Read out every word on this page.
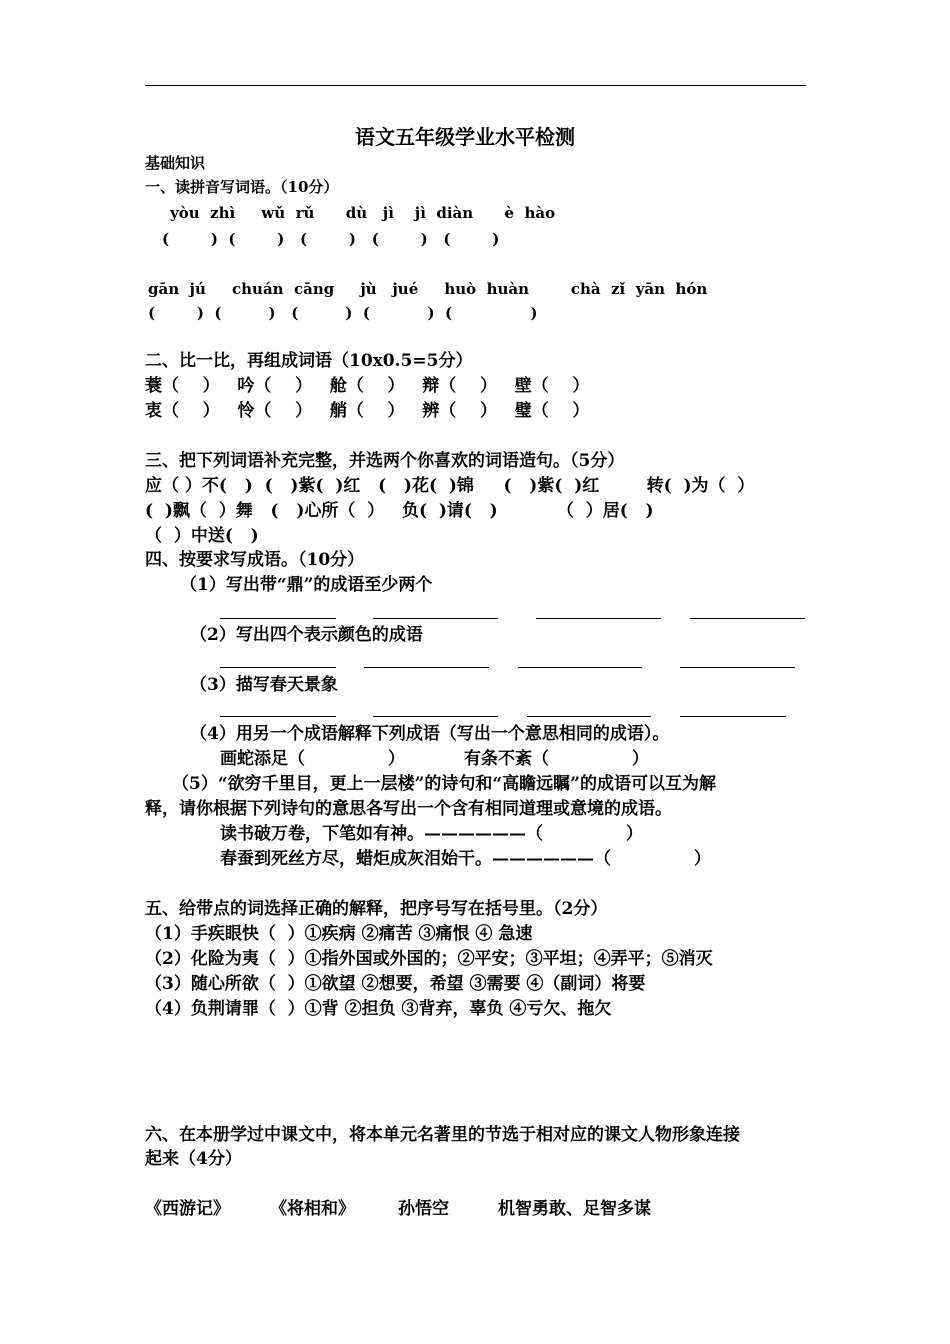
语文五年级学业水平检测
基础知识
一、读拼音写词语。（10分）
yòu  zhì     wǔ  rǔ      dù   jì    jì  diàn      è  hào
(        )  (        )   (        )   (        )   (        )
gān  jú     chuán  cāng     jù   jué     huò  huàn        chà  zǐ  yān  hón
(        )  (         )   (         )  (           )  (               )
二、比一比，再组成词语（10x0.5=5分）
蓑（    ）   吟（    ）   舱（    ）   辩（    ）   壁（    ）
衷（    ）   怜（    ）   艄（    ）   辨（    ）   璧（    ）
三、把下列词语补充完整，并选两个你喜欢的词语造句。（5分）
应（ ）不(   )  (   )紫(  )红   (   )花(  )锦     (   )紫(  )红        转(  )为（  ）
(  )飘（  ）舞   (   )心所（  ）   负(  )请(   )          （  ）居(   )
（  ）中送(   )
四、按要求写成语。（10分）
（1）写出带“鼎”的成语至少两个
（2）写出四个表示颜色的成语
（3）描写春天景象
（4）用另一个成语解释下列成语（写出一个意思相同的成语）。
画蛇添足（              ）          有条不紊（              ）
（5）“欲穷千里目，更上一层楼”的诗句和“高瞻远瞩”的成语可以互为解
释，请你根据下列诗句的意思各写出一个含有相同道理或意境的成语。
读书破万卷，下笔如有神。——————（              ）
春蚕到死丝方尽，蜡炬成灰泪始干。——————（              ）
五、给带点的词选择正确的解释，把序号写在括号里。（2分）
（1）手疾眼快（  ）①疾病 ②痛苦 ③痛恨 ④ 急速
（2）化险为夷（  ）①指外国或外国的；②平安；③平坦；④弄平；⑤消灭
（3）随心所欲（  ）①欲望 ②想要，希望 ③需要 ④（副词）将要
（4）负荆请罪（  ）①背 ②担负 ③背弃，辜负 ④亏欠、拖欠
六、在本册学过中课文中，将本单元名著里的节选于相对应的课文人物形象连接
起来（4分）
《西游记》 《将相和》	孙悟空	机智勇敢、足智多谋
